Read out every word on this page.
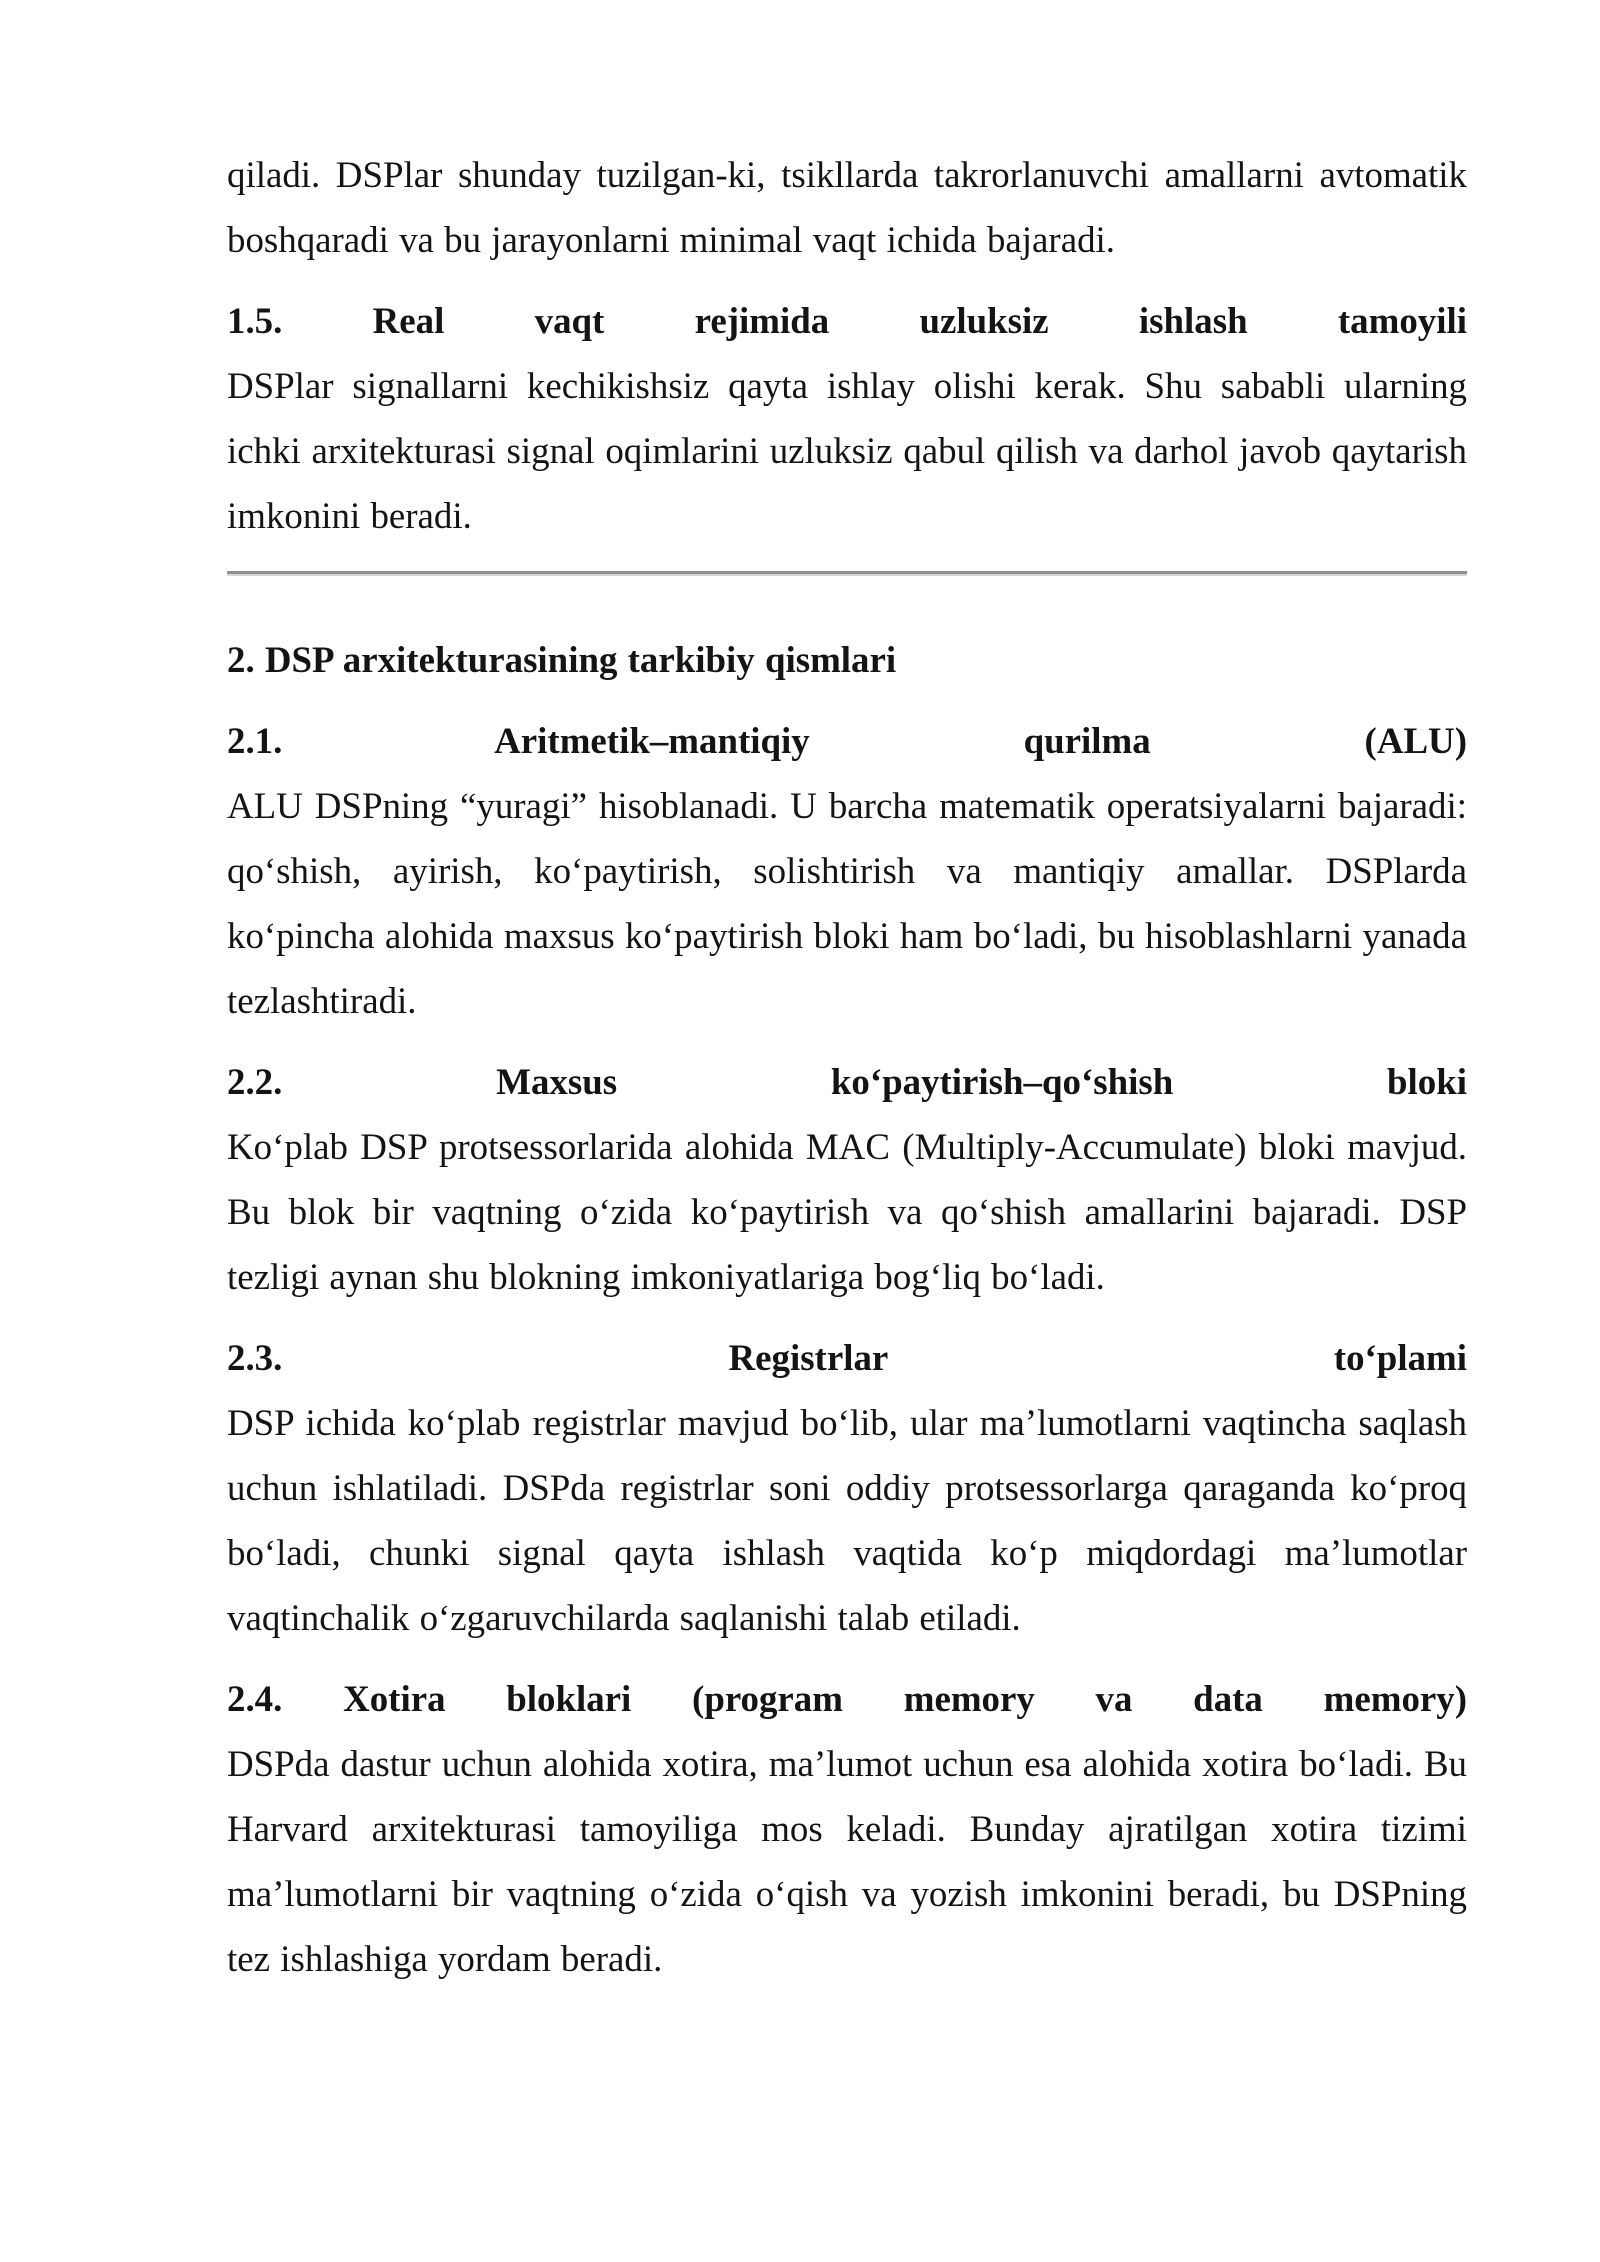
qiladi. DSPlar shunday tuzilgan-ki, tsikllarda takrorlanuvchi amallarni avtomatik boshqaradi va bu jarayonlarni minimal vaqt ichida bajaradi.

1.5. Real vaqt rejimida uzluksiz ishlash tamoyili

DSPlar signallarni kechikishsiz qayta ishlay olishi kerak. Shu sababli ularning ichki arxitekturasi signal oqimlarini uzluksiz qabul qilish va darhol javob qaytarish imkonini beradi.

2. DSP arxitekturasining tarkibiy qismlari
2.1. Aritmetik–mantiqiy qurilma (ALU)

ALU DSPning “yuragi” hisoblanadi. U barcha matematik operatsiyalarni bajaradi: qo‘shish, ayirish, ko‘paytirish, solishtirish va mantiqiy amallar. DSPlarda ko‘pincha alohida maxsus ko‘paytirish bloki ham bo‘ladi, bu hisoblashlarni yanada tezlashtiradi.

2.2. Maxsus ko‘paytirish–qo‘shish bloki

Ko‘plab DSP protsessorlarida alohida MAC (Multiply-Accumulate) bloki mavjud. Bu blok bir vaqtning o‘zida ko‘paytirish va qo‘shish amallarini bajaradi. DSP tezligi aynan shu blokning imkoniyatlariga bog‘liq bo‘ladi.

2.3. Registrlar to‘plami

DSP ichida ko‘plab registrlar mavjud bo‘lib, ular ma’lumotlarni vaqtincha saqlash uchun ishlatiladi. DSPda registrlar soni oddiy protsessorlarga qaraganda ko‘proq bo‘ladi, chunki signal qayta ishlash vaqtida ko‘p miqdordagi ma’lumotlar vaqtinchalik o‘zgaruvchilarda saqlanishi talab etiladi.

2.4. Xotira bloklari (program memory va data memory)

DSPda dastur uchun alohida xotira, ma’lumot uchun esa alohida xotira bo‘ladi. Bu Harvard arxitekturasi tamoyiliga mos keladi. Bunday ajratilgan xotira tizimi ma’lumotlarni bir vaqtning o‘zida o‘qish va yozish imkonini beradi, bu DSPning tez ishlashiga yordam beradi.
